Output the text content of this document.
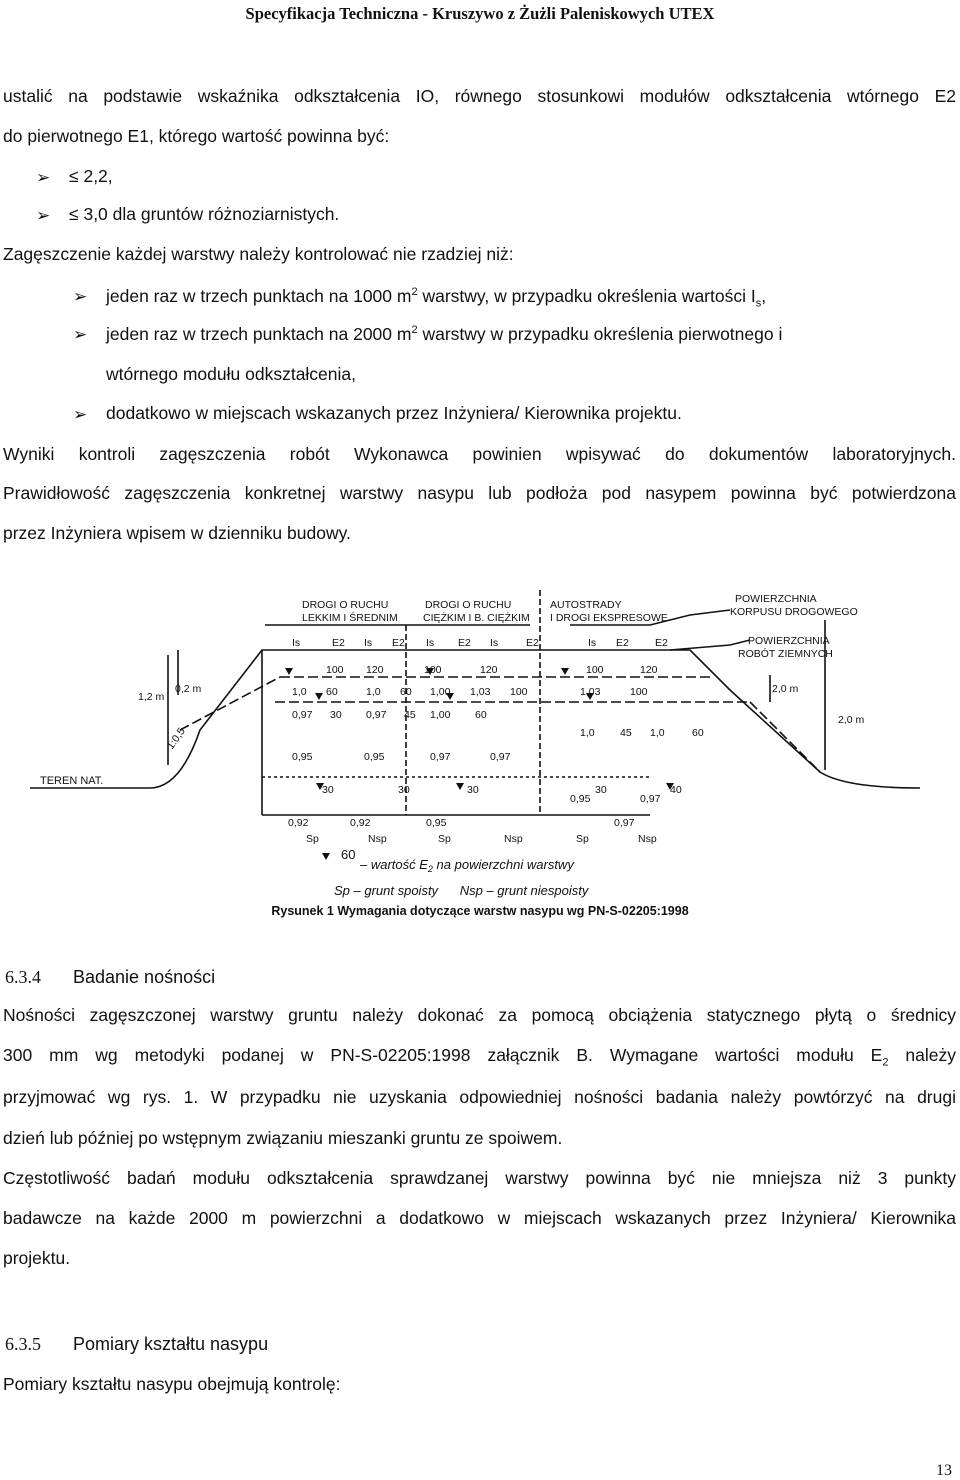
Specyfikacja Techniczna - Kruszywo z Żużli Paleniskowych UTEX
ustalić na podstawie wskaźnika odkształcenia IO, równego stosunkowi modułów odkształcenia wtórnego E2
do pierwotnego E1, którego wartość powinna być:
➢ ≤ 2,2,
➢ ≤ 3,0 dla gruntów różnoziarnistych.
Zagęszczenie każdej warstwy należy kontrolować nie rzadziej niż:
➢ jeden raz w trzech punktach na 1000 $m^2$ warstwy, w przypadku określenia wartości $I_s$,
➢ jeden raz w trzech punktach na 2000 $m^2$ warstwy w przypadku określenia pierwotnego i
wtórnego modułu odkształcenia,
➢ dodatkowo w miejscach wskazanych przez Inżyniera/ Kierownika projektu.
Wyniki kontroli zagęszczenia robót Wykonawca powinien wpisywać do dokumentów laboratoryjnych.
Prawidłowość zagęszczenia konkretnej warstwy nasypu lub podłoża pod nasypem powinna być potwierdzona
przez Inżyniera wpisem w dzienniku budowy.
DROGI O RUCHU
LEKKIM I ŚREDNIM
DROGI O RUCHU
CIĘŻKIM I B. CIĘŻKIM
AUTOSTRADY
I DROGI EKSPRESOWE
POWIERZCHNIA
KORPUSU DROGOWEGO
POWIERZCHNIA
ROBÓT ZIEMNYCH
Is	E2 Is E2 Is E2 Is	E2	Is E2 E2
0,2 m
1,2 m
2,0 m
2,0 m
1:0,5
TEREN NAT.
100 120	100	120	100	120
1,0 60	1,0 60 1,00 1,03 100	1,03	100
0,97 30 0,97 45 1,00 60
1,0 45 1,0	60
0,95	0,95	0,97	0,97
30	30	30	30	40
0,95	0,97
0,92	0,92	0,95	0,97
Sp	Nsp	Sp	Nsp	Sp	Nsp
60
– wartość $E_2$ na powierzchni warstwy
Sp – grunt spoisty      Nsp – grunt niespoisty
Rysunek 1 Wymagania dotyczące warstw nasypu wg PN-S-02205:1998
6.3.4 Badanie nośności
Nośności zagęszczonej warstwy gruntu należy dokonać za pomocą obciążenia statycznego płytą o średnicy
300 mm wg metodyki podanej w PN-S-02205:1998 załącznik B. Wymagane wartości modułu $E_2$ należy
przyjmować wg rys. 1. W przypadku nie uzyskania odpowiedniej nośności badania należy powtórzyć na drugi
dzień lub później po wstępnym związaniu mieszanki gruntu ze spoiwem.
Częstotliwość badań modułu odkształcenia sprawdzanej warstwy powinna być nie mniejsza niż 3 punkty
badawcze na każde 2000 m powierzchni a dodatkowo w miejscach wskazanych przez Inżyniera/ Kierownika
projektu.
6.3.5 Pomiary kształtu nasypu
Pomiary kształtu nasypu obejmują kontrolę:
13
